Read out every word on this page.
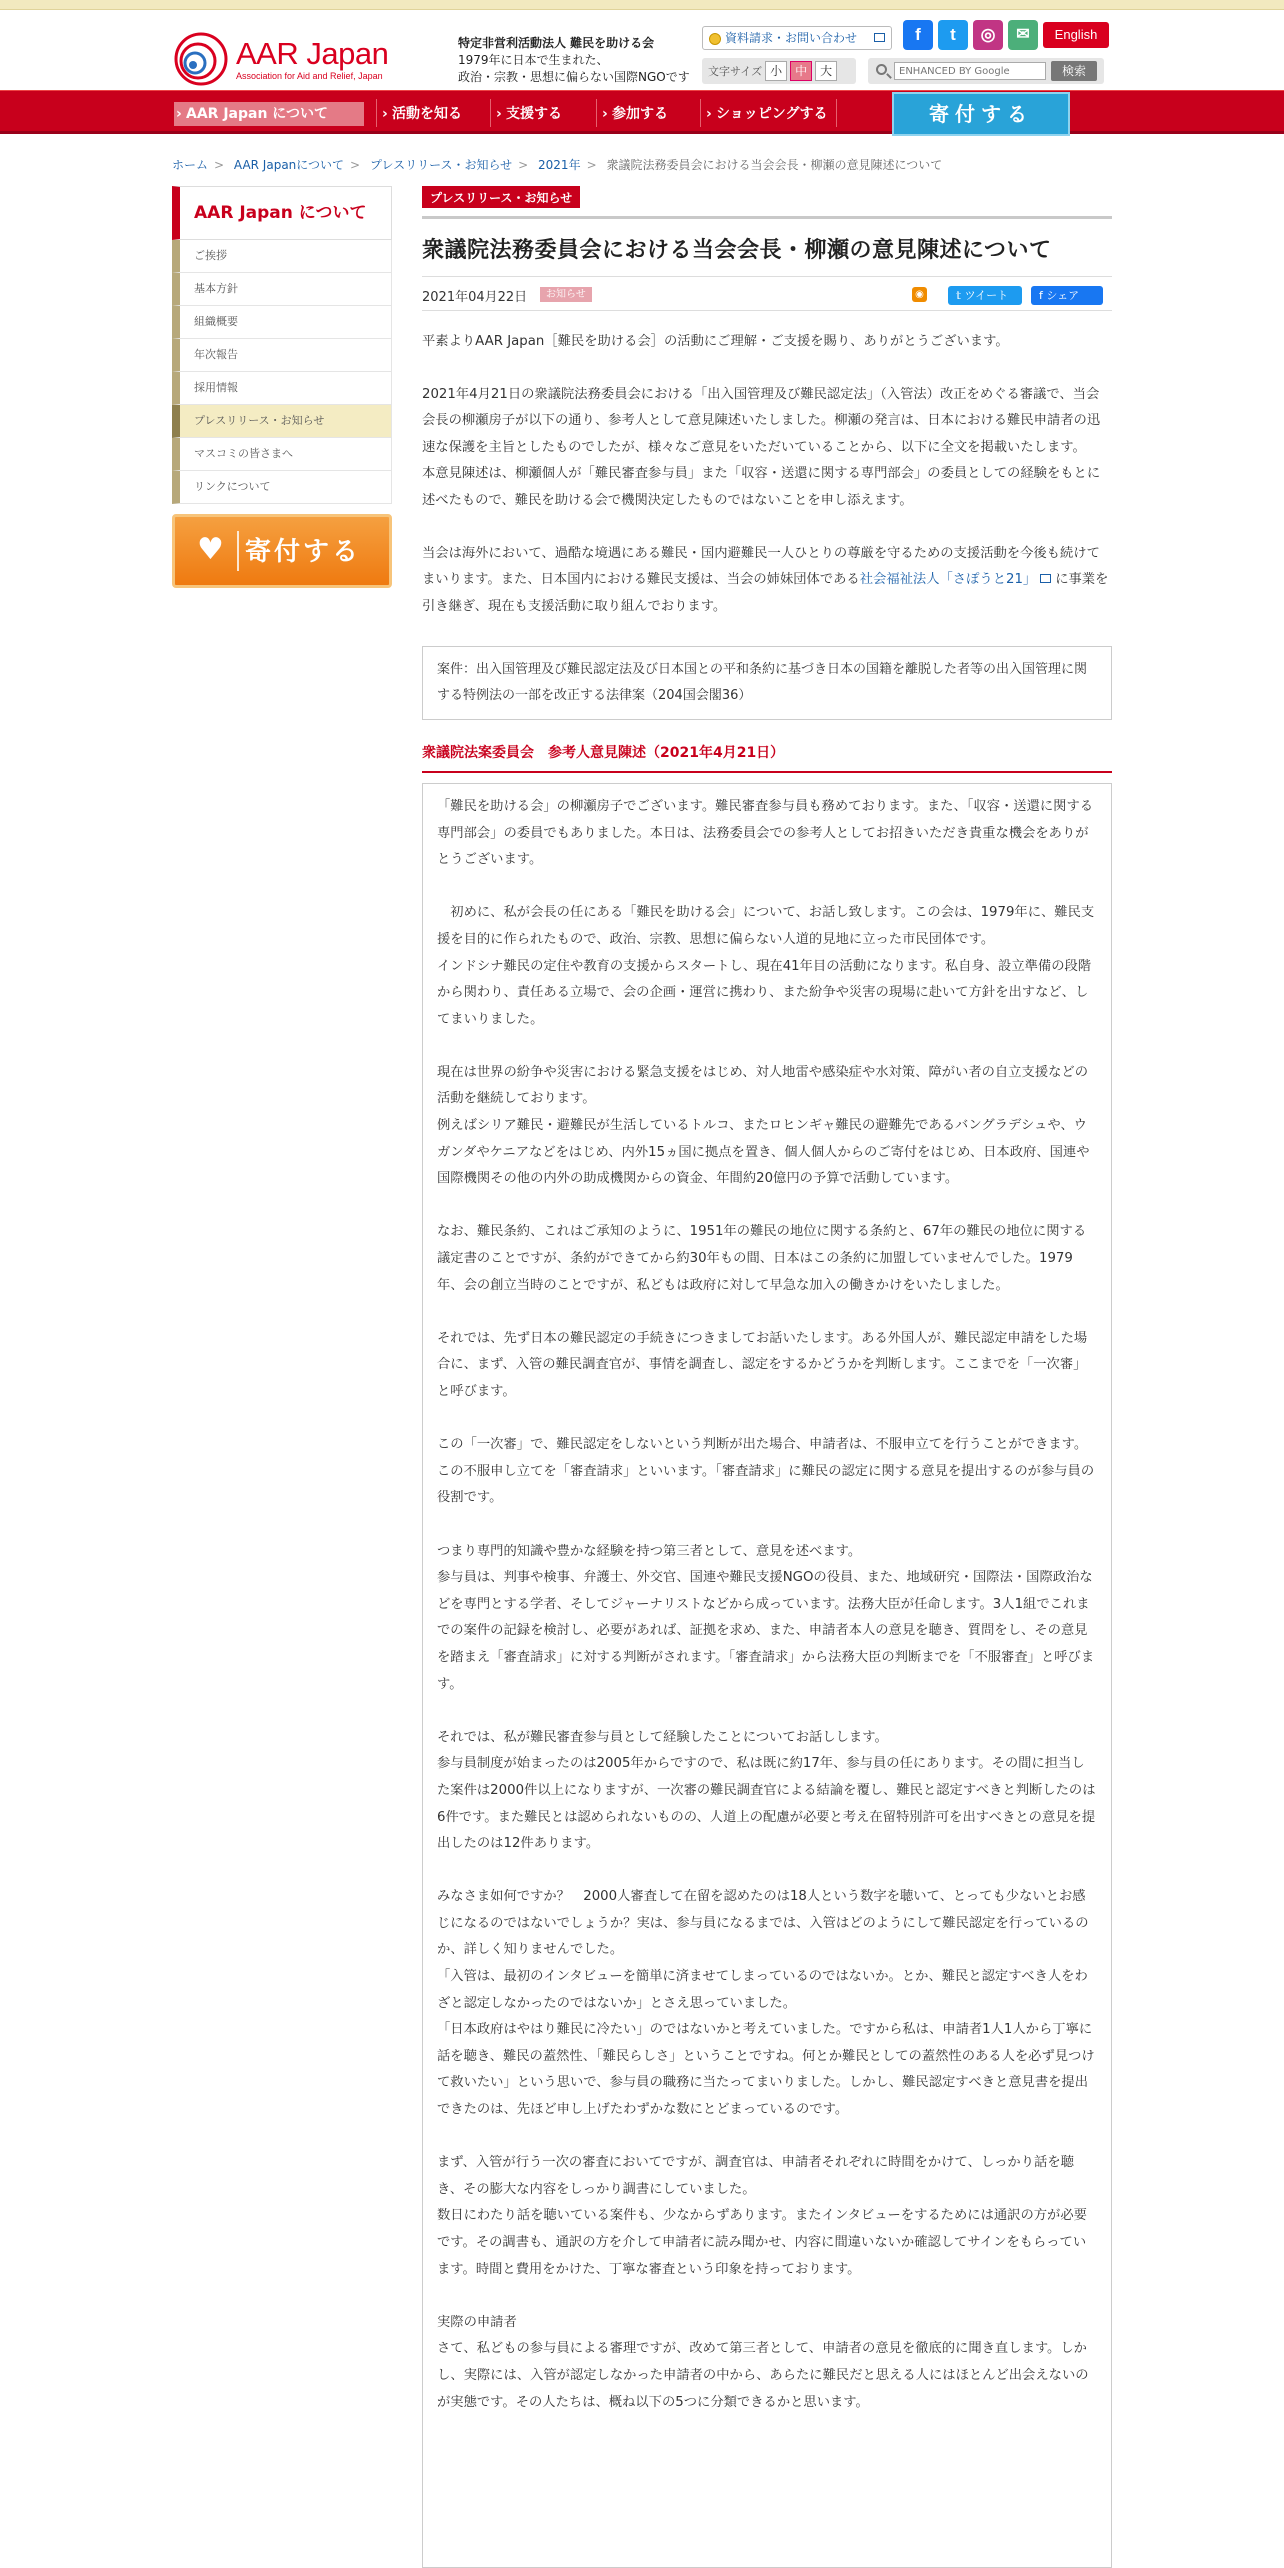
AAR Japan
Association for Aid and Relief, Japan
特定非営利活動法人 難民を助ける会
1979年に日本で生まれた、
政治・宗教・思想に偏らない国際NGOです
資料請求・お問い合わせ	f	t	◎	✉	English
文字サイズ 小	中	大
ENHANCED BY Google	検索
› AAR Japan について	› 活動を知る	› 支援する	› 参加する	› ショッピングする	寄付する
ホーム > AAR Japanについて > プレスリリース・お知らせ > 2021年 > 衆議院法務委員会における当会会長・柳瀬の意見陳述について
AAR Japan について
ご挨拶
基本方針
組織概要
年次報告
採用情報
プレスリリース・お知らせ
マスコミの皆さまへ
リンクについて
♥ 寄付する
プレスリリース・お知らせ
衆議院法務委員会における当会会長・柳瀬の意見陳述について
2021年04月22日	お知らせ	◉	𝕥 ツイート	f シェア

平素よりAAR Japan［難民を助ける会］の活動にご理解・ご支援を賜り、ありがとうございます。

2021年4月21日の衆議院法務委員会における「出入国管理及び難民認定法」（入管法）改正をめぐる審議で、当会会長の柳瀬房子が以下の通り、参考人として意見陳述いたしました。柳瀬の発言は、日本における難民申請者の迅速な保護を主旨としたものでしたが、様々なご意見をいただいていることから、以下に全文を掲載いたします。

本意見陳述は、柳瀬個人が「難民審査参与員」また「収容・送還に関する専門部会」の委員としての経験をもとに述べたもので、難民を助ける会で機関決定したものではないことを申し添えます。

当会は海外において、過酷な境遇にある難民・国内避難民一人ひとりの尊厳を守るための支援活動を今後も続けてまいります。また、日本国内における難民支援は、当会の姉妹団体である社会福祉法人「さぽうと21」 に事業を引き継ぎ、現在も支援活動に取り組んでおります。

案件：出入国管理及び難民認定法及び日本国との平和条約に基づき日本の国籍を離脱した者等の出入国管理に関する特例法の一部を改正する法律案（204国会閣36）
衆議院法案委員会　参考人意見陳述（2021年4月21日）

「難民を助ける会」の柳瀬房子でございます。難民審査参与員も務めております。また、「収容・送還に関する専門部会」の委員でもありました。本日は、法務委員会での参考人としてお招きいただき貴重な機会をありがとうございます。

　初めに、私が会長の任にある「難民を助ける会」について、お話し致します。この会は、1979年に、難民支援を目的に作られたもので、政治、宗教、思想に偏らない人道的見地に立った市民団体です。
インドシナ難民の定住や教育の支援からスタートし、現在41年目の活動になります。私自身、設立準備の段階から関わり、責任ある立場で、会の企画・運営に携わり、また紛争や災害の現場に赴いて方針を出すなど、してまいりました。

現在は世界の紛争や災害における緊急支援をはじめ、対人地雷や感染症や水対策、障がい者の自立支援などの活動を継続しております。
例えばシリア難民・避難民が生活しているトルコ、またロヒンギャ難民の避難先であるバングラデシュや、ウガンダやケニアなどをはじめ、内外15ヵ国に拠点を置き、個人個人からのご寄付をはじめ、日本政府、国連や国際機関その他の内外の助成機関からの資金、年間約20億円の予算で活動しています。

なお、難民条約、これはご承知のように、1951年の難民の地位に関する条約と、67年の難民の地位に関する議定書のことですが、条約ができてから約30年もの間、日本はこの条約に加盟していませんでした。1979年、会の創立当時のことですが、私どもは政府に対して早急な加入の働きかけをいたしました。

それでは、先ず日本の難民認定の手続きにつきましてお話いたします。ある外国人が、難民認定申請をした場合に、まず、入管の難民調査官が、事情を調査し、認定をするかどうかを判断します。ここまでを「一次審」と呼びます。

この「一次審」で、難民認定をしないという判断が出た場合、申請者は、不服申立てを行うことができます。この不服申し立てを「審査請求」といいます。「審査請求」に難民の認定に関する意見を提出するのが参与員の役割です。

つまり専門的知識や豊かな経験を持つ第三者として、意見を述べます。
参与員は、判事や検事、弁護士、外交官、国連や難民支援NGOの役員、また、地域研究・国際法・国際政治などを専門とする学者、そしてジャーナリストなどから成っています。法務大臣が任命します。3人1組でこれまでの案件の記録を検討し、必要があれば、証拠を求め、また、申請者本人の意見を聴き、質問をし、その意見を踏まえ「審査請求」に対する判断がされます。「審査請求」から法務大臣の判断までを「不服審査」と呼びます。

それでは、私が難民審査参与員として経験したことについてお話しします。
参与員制度が始まったのは2005年からですので、私は既に約17年、参与員の任にあります。その間に担当した案件は2000件以上になりますが、一次審の難民調査官による結論を覆し、難民と認定すべきと判断したのは6件です。また難民とは認められないものの、人道上の配慮が必要と考え在留特別許可を出すべきとの意見を提出したのは12件あります。

みなさま如何ですか？　2000人審査して在留を認めたのは18人という数字を聴いて、とっても少ないとお感じになるのではないでしょうか？実は、参与員になるまでは、入管はどのようにして難民認定を行っているのか、詳しく知りませんでした。
「入管は、最初のインタビューを簡単に済ませてしまっているのではないか。とか、難民と認定すべき人をわざと認定しなかったのではないか」とさえ思っていました。
「日本政府はやはり難民に冷たい」のではないかと考えていました。ですから私は、申請者1人1人から丁寧に話を聴き、難民の蓋然性、「難民らしさ」ということですね。何とか難民としての蓋然性のある人を必ず見つけて救いたい」という思いで、参与員の職務に当たってまいりました。しかし、難民認定すべきと意見書を提出できたのは、先ほど申し上げたわずかな数にとどまっているのです。

まず、入管が行う一次の審査においてですが、調査官は、申請者それぞれに時間をかけて、しっかり話を聴き、その膨大な内容をしっかり調書にしていました。
数日にわたり話を聴いている案件も、少なからずあります。またインタビューをするためには通訳の方が必要です。その調書も、通訳の方を介して申請者に読み聞かせ、内容に間違いないか確認してサインをもらっています。時間と費用をかけた、丁寧な審査という印象を持っております。

実際の申請者
さて、私どもの参与員による審理ですが、改めて第三者として、申請者の意見を徹底的に聞き直します。しかし、実際には、入管が認定しなかった申請者の中から、あらたに難民だと思える人にはほとんど出会えないのが実態です。その人たちは、概ね以下の5つに分類できるかと思います。
